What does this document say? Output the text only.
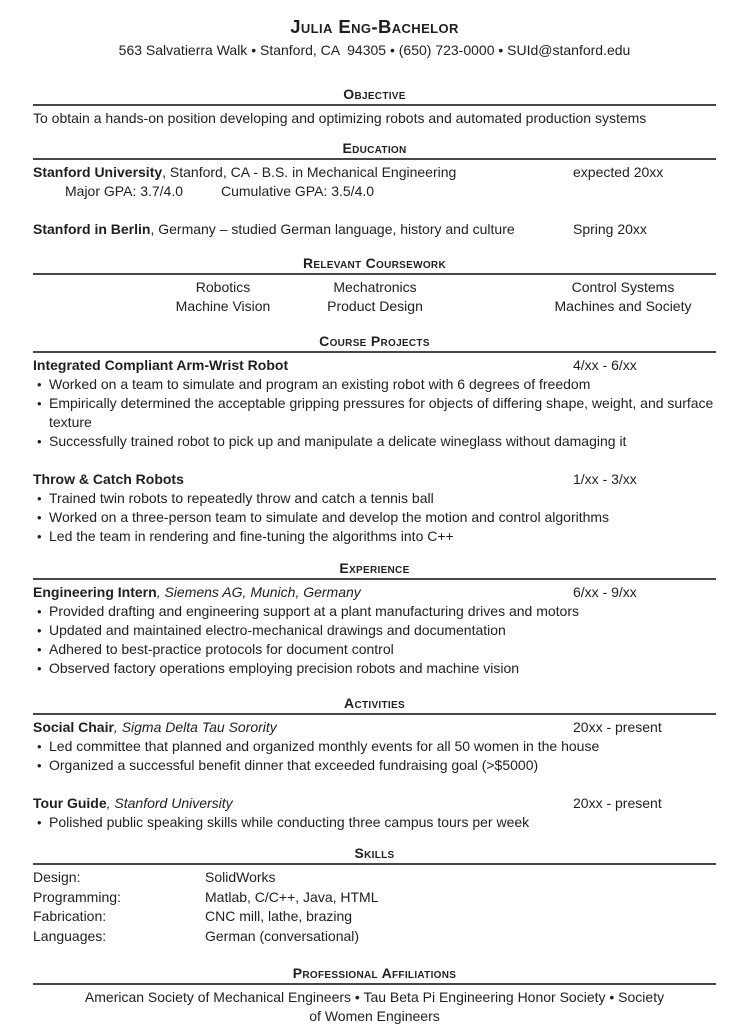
Julia Eng-Bachelor
563 Salvatierra Walk • Stanford, CA  94305 • (650) 723-0000 • SUId@stanford.edu
Objective
To obtain a hands-on position developing and optimizing robots and automated production systems
Education
Stanford University, Stanford, CA - B.S. in Mechanical Engineering	expected 20xx
Major GPA: 3.7/4.0	Cumulative GPA: 3.5/4.0
Stanford in Berlin, Germany – studied German language, history and culture	Spring 20xx
Relevant Coursework
Robotics	Mechatronics	Control Systems
Machine Vision	Product Design	Machines and Society
Course Projects
Integrated Compliant Arm-Wrist Robot	4/xx - 6/xx
• Worked on a team to simulate and program an existing robot with 6 degrees of freedom
• Empirically determined the acceptable gripping pressures for objects of differing shape, weight, and surface texture
• Successfully trained robot to pick up and manipulate a delicate wineglass without damaging it
Throw & Catch Robots	1/xx - 3/xx
• Trained twin robots to repeatedly throw and catch a tennis ball
• Worked on a three-person team to simulate and develop the motion and control algorithms
• Led the team in rendering and fine-tuning the algorithms into C++
Experience
Engineering Intern, Siemens AG, Munich, Germany	6/xx - 9/xx
• Provided drafting and engineering support at a plant manufacturing drives and motors
• Updated and maintained electro-mechanical drawings and documentation
• Adhered to best-practice protocols for document control
• Observed factory operations employing precision robots and machine vision
Activities
Social Chair, Sigma Delta Tau Sorority	20xx - present
• Led committee that planned and organized monthly events for all 50 women in the house
• Organized a successful benefit dinner that exceeded fundraising goal (>$5000)
Tour Guide, Stanford University	20xx - present
• Polished public speaking skills while conducting three campus tours per week
Skills
Design:	SolidWorks
Programming:	Matlab, C/C++, Java, HTML
Fabrication:	CNC mill, lathe, brazing
Languages:	German (conversational)
Professional Affiliations

American Society of Mechanical Engineers • Tau Beta Pi Engineering Honor Society • Society of Women Engineers
